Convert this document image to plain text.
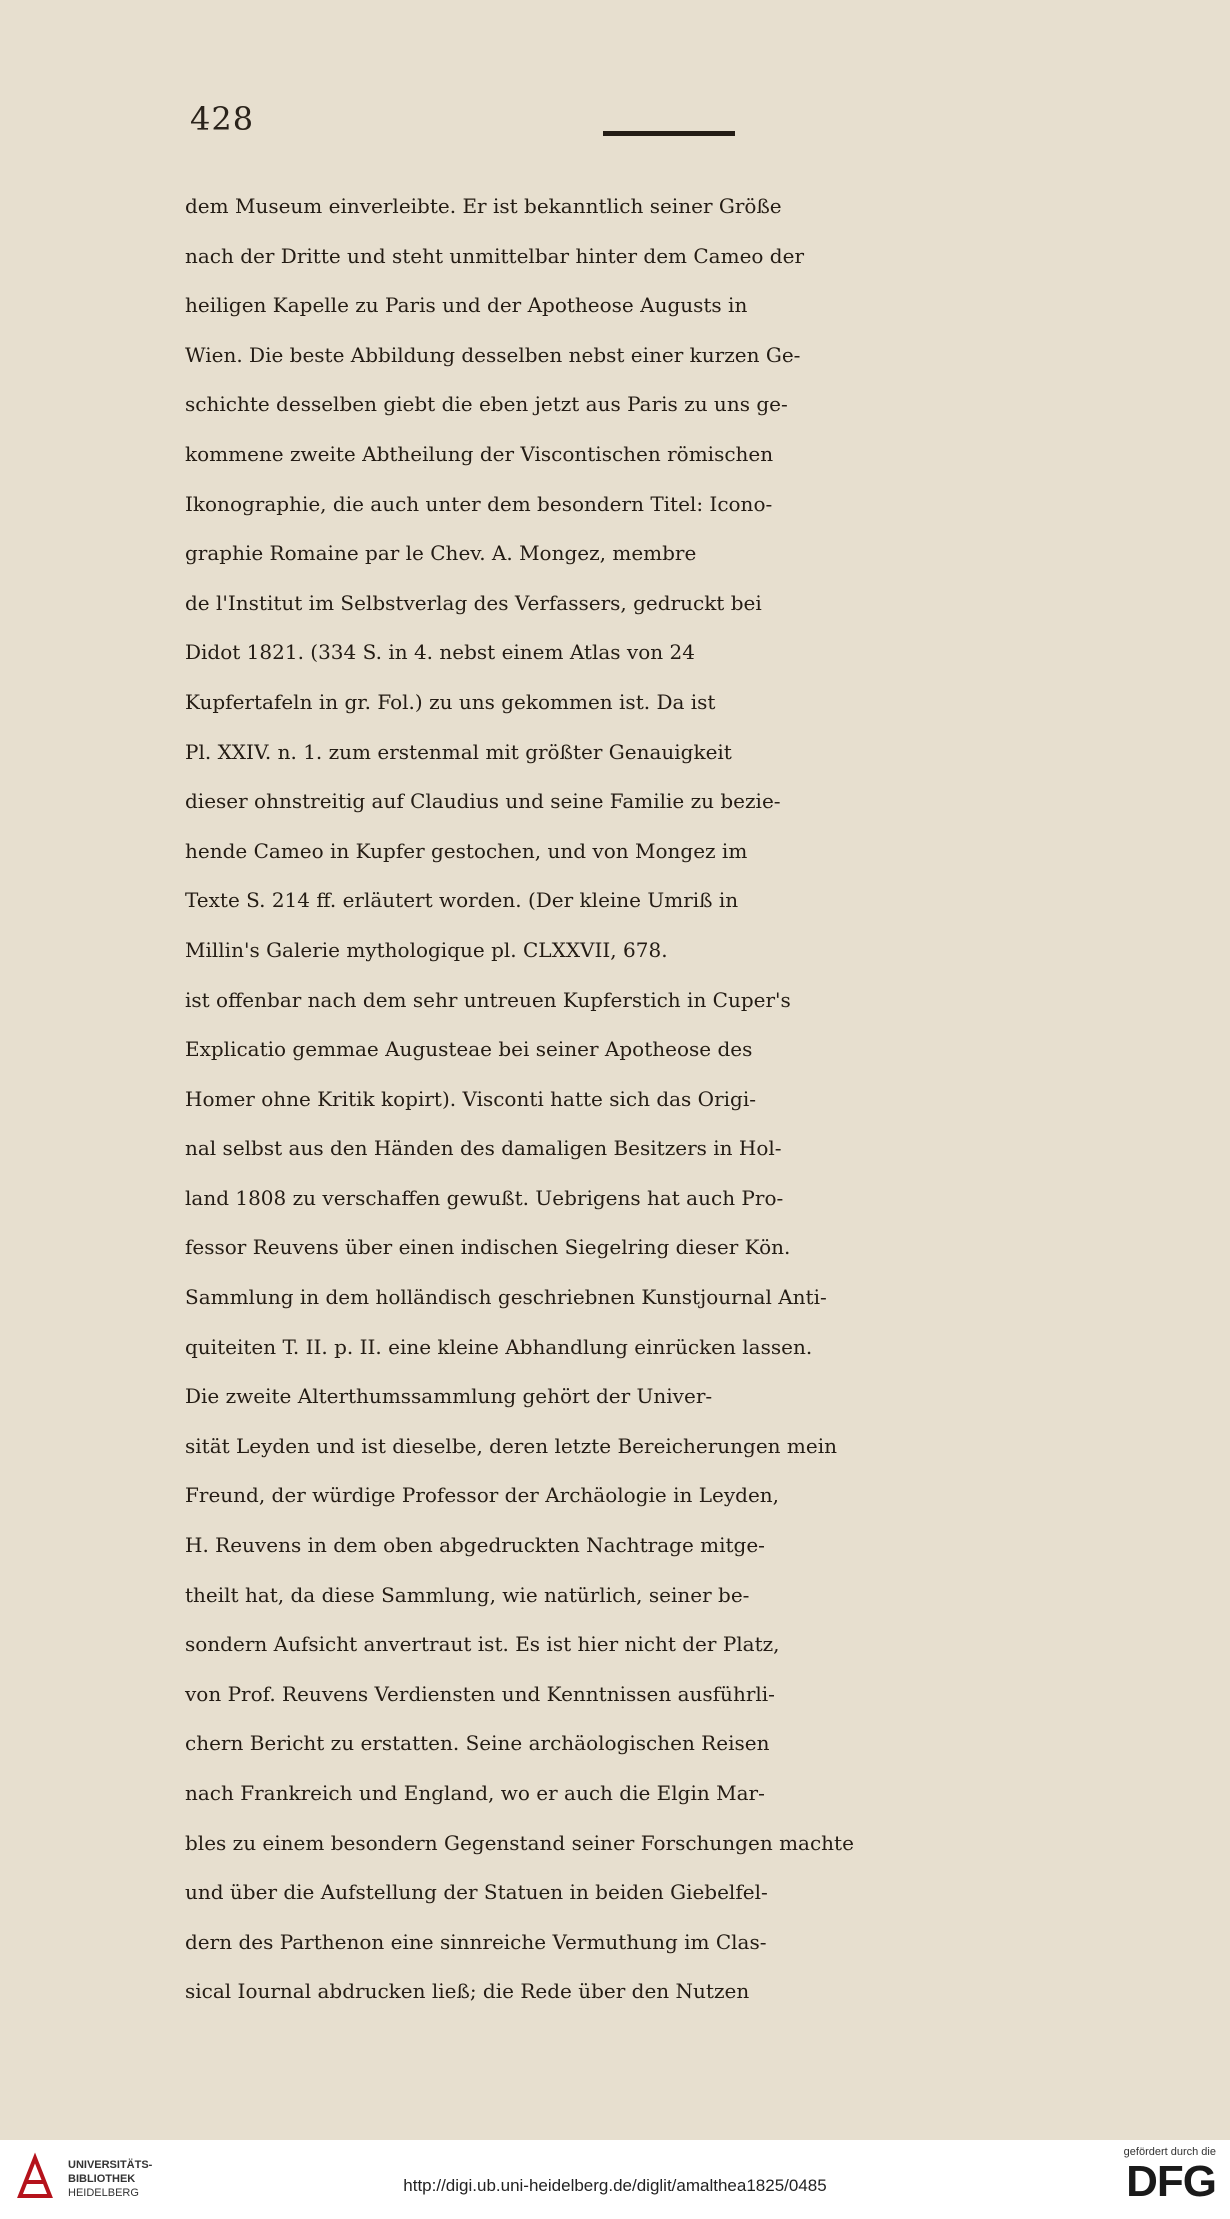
428
dem Museum einverleibte. Er ist bekanntlich seiner Größe
nach der Dritte und steht unmittelbar hinter dem Cameo der
heiligen Kapelle zu Paris und der Apotheose Augusts in
Wien. Die beste Abbildung desselben nebst einer kurzen Ge-
schichte desselben giebt die eben jetzt aus Paris zu uns ge-
kommene zweite Abtheilung der Viscontischen römischen
Ikonographie, die auch unter dem besondern Titel: Icono-
graphie Romaine par le Chev. A. Mongez, membre
de l'Institut im Selbstverlag des Verfassers, gedruckt bei
Didot 1821. (334 S. in 4. nebst einem Atlas von 24
Kupfertafeln in gr. Fol.) zu uns gekommen ist. Da ist
Pl. XXIV. n. 1. zum erstenmal mit größter Genauigkeit
dieser ohnstreitig auf Claudius und seine Familie zu bezie-
hende Cameo in Kupfer gestochen, und von Mongez im
Texte S. 214 ff. erläutert worden. (Der kleine Umriß in
Millin's Galerie mythologique pl. CLXXVII, 678.
ist offenbar nach dem sehr untreuen Kupferstich in Cuper's
Explicatio gemmae Augusteae bei seiner Apotheose des
Homer ohne Kritik kopirt). Visconti hatte sich das Origi-
nal selbst aus den Händen des damaligen Besitzers in Hol-
land 1808 zu verschaffen gewußt. Uebrigens hat auch Pro-
fessor Reuvens über einen indischen Siegelring dieser Kön.
Sammlung in dem holländisch geschriebnen Kunstjournal Anti-
quiteiten T. II. p. II. eine kleine Abhandlung einrücken lassen.
Die zweite Alterthumssammlung gehört der Univer-
sität Leyden und ist dieselbe, deren letzte Bereicherungen mein
Freund, der würdige Professor der Archäologie in Leyden,
H. Reuvens in dem oben abgedruckten Nachtrage mitge-
theilt hat, da diese Sammlung, wie natürlich, seiner be-
sondern Aufsicht anvertraut ist. Es ist hier nicht der Platz,
von Prof. Reuvens Verdiensten und Kenntnissen ausführli-
chern Bericht zu erstatten. Seine archäologischen Reisen
nach Frankreich und England, wo er auch die Elgin Mar-
bles zu einem besondern Gegenstand seiner Forschungen machte
und über die Aufstellung der Statuen in beiden Giebelfel-
dern des Parthenon eine sinnreiche Vermuthung im Clas-
sical Iournal abdrucken ließ; die Rede über den Nutzen
UNIVERSITÄTS-
BIBLIOTHEK
HEIDELBERG	http://digi.ub.uni-heidelberg.de/diglit/amalthea1825/0485
gefördert durch die
DFG
